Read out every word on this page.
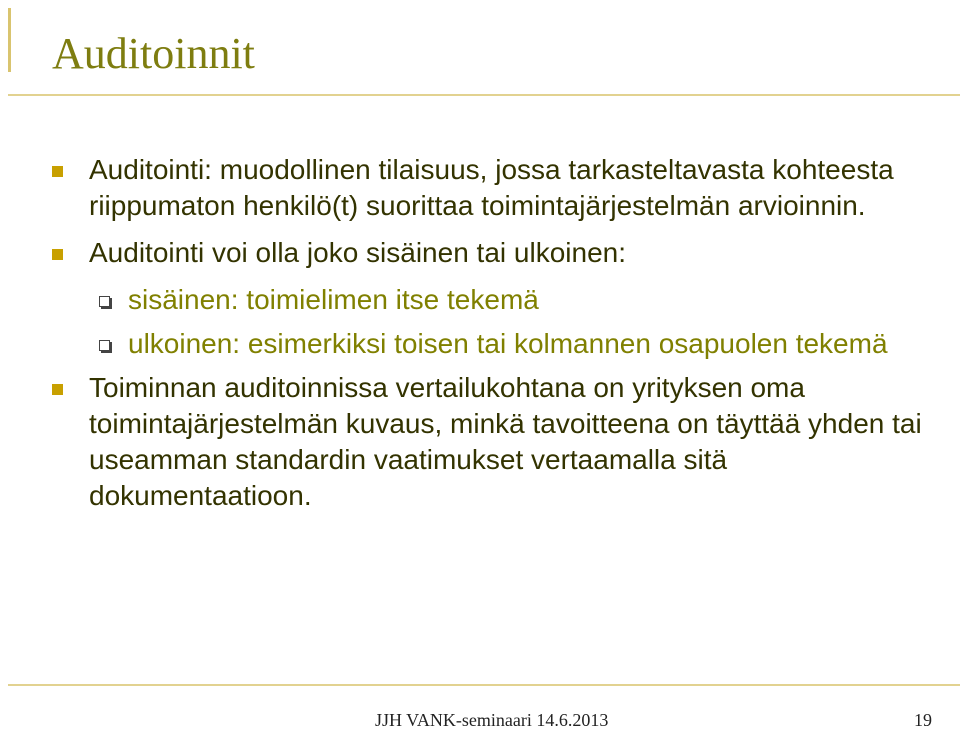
Auditoinnit
Auditointi: muodollinen tilaisuus, jossa tarkasteltavasta kohteesta riippumaton henkilö(t) suorittaa toimintajärjestelmän arvioinnin.
Auditointi voi olla joko sisäinen tai ulkoinen:
sisäinen: toimielimen itse tekemä
ulkoinen: esimerkiksi toisen tai kolmannen osapuolen tekemä
Toiminnan auditoinnissa vertailukohtana on yrityksen oma toimintajärjestelmän kuvaus, minkä tavoitteena on täyttää yhden tai useamman standardin vaatimukset vertaamalla sitä dokumentaatioon.
JJH VANK-seminaari 14.6.2013	19
